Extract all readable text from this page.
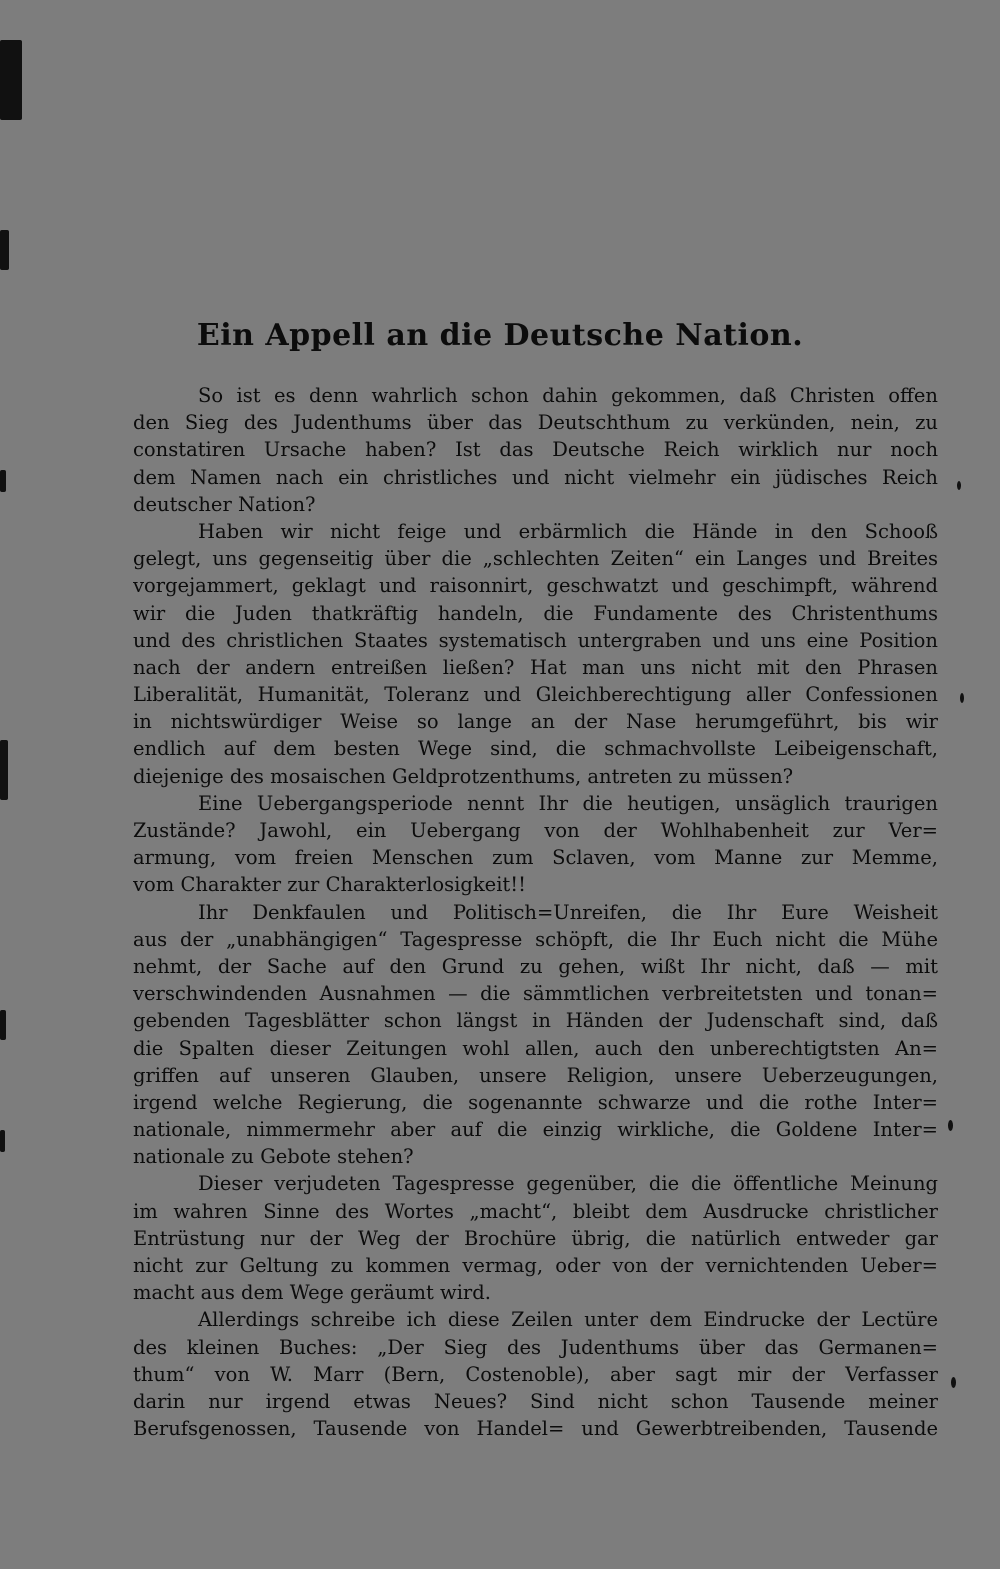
Ein Appell an die Deutsche Nation.
So ist es denn wahrlich schon dahin gekommen, daß Christen offen
den Sieg des Judenthums über das Deutschthum zu verkünden, nein, zu
constatiren Ursache haben? Ist das Deutsche Reich wirklich nur noch
dem Namen nach ein christliches und nicht vielmehr ein jüdisches Reich
deutscher Nation?
Haben wir nicht feige und erbärmlich die Hände in den Schooß
gelegt, uns gegenseitig über die „schlechten Zeiten“ ein Langes und Breites
vorgejammert, geklagt und raisonnirt, geschwatzt und geschimpft, während
wir die Juden thatkräftig handeln, die Fundamente des Christenthums
und des christlichen Staates systematisch untergraben und uns eine Position
nach der andern entreißen ließen? Hat man uns nicht mit den Phrasen
Liberalität, Humanität, Toleranz und Gleichberechtigung aller Confessionen
in nichtswürdiger Weise so lange an der Nase herumgeführt, bis wir
endlich auf dem besten Wege sind, die schmachvollste Leibeigenschaft,
diejenige des mosaischen Geldprotzenthums, antreten zu müssen?
Eine Uebergangsperiode nennt Ihr die heutigen, unsäglich traurigen
Zustände? Jawohl, ein Uebergang von der Wohlhabenheit zur Ver=
armung, vom freien Menschen zum Sclaven, vom Manne zur Memme,
vom Charakter zur Charakterlosigkeit!!
Ihr Denkfaulen und Politisch=Unreifen, die Ihr Eure Weisheit
aus der „unabhängigen“ Tagespresse schöpft, die Ihr Euch nicht die Mühe
nehmt, der Sache auf den Grund zu gehen, wißt Ihr nicht, daß — mit
verschwindenden Ausnahmen — die sämmtlichen verbreitetsten und tonan=
gebenden Tagesblätter schon längst in Händen der Judenschaft sind, daß
die Spalten dieser Zeitungen wohl allen, auch den unberechtigtsten An=
griffen auf unseren Glauben, unsere Religion, unsere Ueberzeugungen,
irgend welche Regierung, die sogenannte schwarze und die rothe Inter=
nationale, nimmermehr aber auf die einzig wirkliche, die Goldene Inter=
nationale zu Gebote stehen?
Dieser verjudeten Tagespresse gegenüber, die die öffentliche Meinung
im wahren Sinne des Wortes „macht“, bleibt dem Ausdrucke christlicher
Entrüstung nur der Weg der Brochüre übrig, die natürlich entweder gar
nicht zur Geltung zu kommen vermag, oder von der vernichtenden Ueber=
macht aus dem Wege geräumt wird.
Allerdings schreibe ich diese Zeilen unter dem Eindrucke der Lectüre
des kleinen Buches: „Der Sieg des Judenthums über das Germanen=
thum“ von W. Marr (Bern, Costenoble), aber sagt mir der Verfasser
darin nur irgend etwas Neues? Sind nicht schon Tausende meiner
Berufsgenossen, Tausende von Handel= und Gewerbtreibenden, Tausende
